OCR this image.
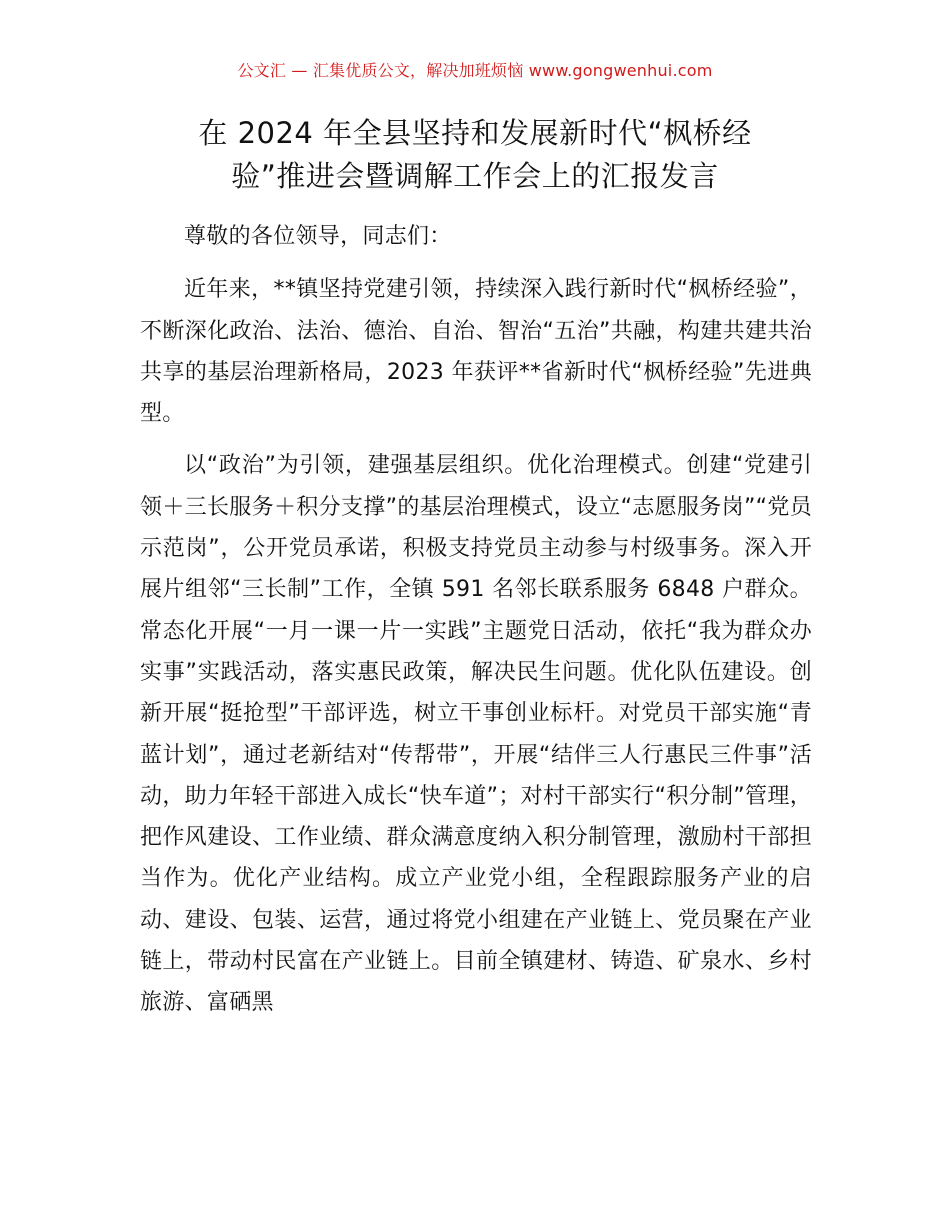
公文汇 — 汇集优质公文，解决加班烦恼 www.gongwenhui.com
在 2024 年全县坚持和发展新时代“枫桥经
验”推进会暨调解工作会上的汇报发言

尊敬的各位领导，同志们：

近年来，**镇坚持党建引领，持续深入践行新时代“枫桥经验”，不断深化政治、法治、德治、自治、智治“五治”共融，构建共建共治共享的基层治理新格局，2023 年获评**省新时代“枫桥经验”先进典型。

以“政治”为引领，建强基层组织。优化治理模式。创建“党建引领＋三长服务＋积分支撑”的基层治理模式，设立“志愿服务岗”“党员示范岗”，公开党员承诺，积极支持党员主动参与村级事务。深入开展片组邻“三长制”工作，全镇 591 名邻长联系服务 6848 户群众。常态化开展“一月一课一片一实践”主题党日活动，依托“我为群众办实事”实践活动，落实惠民政策，解决民生问题。优化队伍建设。创新开展“挺抢型”干部评选，树立干事创业标杆。对党员干部实施“青蓝计划”，通过老新结对“传帮带”，开展“结伴三人行惠民三件事”活动，助力年轻干部进入成长“快车道”；对村干部实行“积分制”管理，把作风建设、工作业绩、群众满意度纳入积分制管理，激励村干部担当作为。优化产业结构。成立产业党小组，全程跟踪服务产业的启动、建设、包装、运营，通过将党小组建在产业链上、党员聚在产业链上，带动村民富在产业链上。目前全镇建材、铸造、矿泉水、乡村旅游、富硒黑
